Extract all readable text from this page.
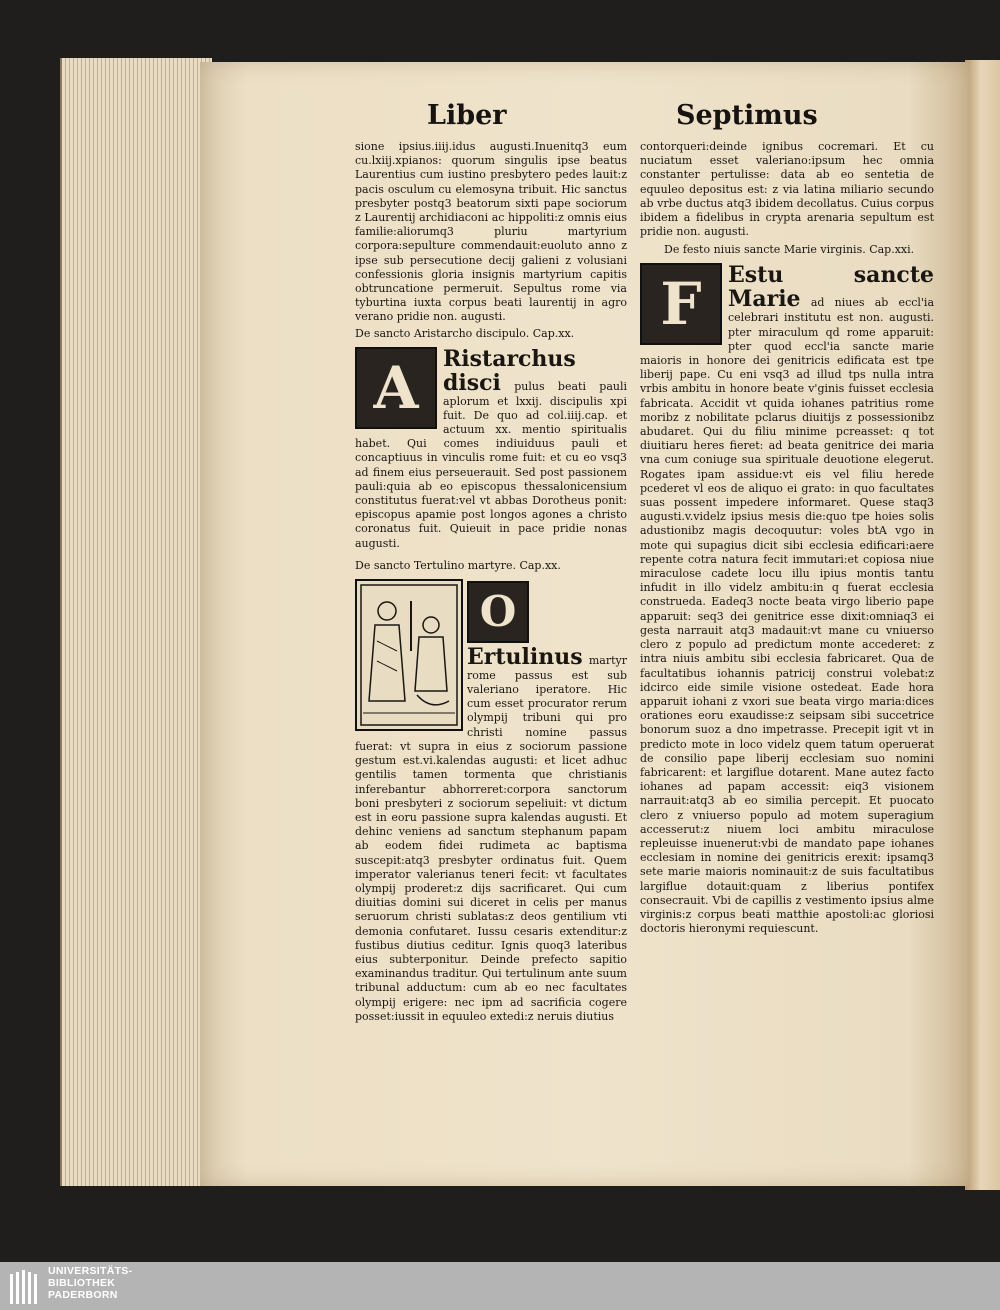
Liber	Septimus

sione ipsius.iiij.idus augusti.Inuenitq3 eum cu.lxiij.xpianos: quorum singulis ipse beatus Laurentius cum iustino presbytero pedes lauit:z pacis osculum cu elemosyna tribuit. Hic sanctus presbyter postq3 beatorum sixti pape sociorum z Laurentij archidiaconi ac hippoliti:z omnis eius familie:aliorumq3 pluriu martyrium corpora:sepulture commendauit:euoluto anno z ipse sub persecutione decij galieni z volusiani confessionis gloria insignis martyrium capitis obtruncatione permeruit. Sepultus rome via tyburtina iuxta corpus beati laurentij in agro verano pridie non. augusti.

De sancto Aristarcho discipulo. Cap.xx.

A	Ristarchus disci pulus beati pauli aplorum et lxxij. discipulis xpi fuit. De quo ad col.iiij.cap. et actuum xx. mentio spiritualis habet. Qui comes indiuiduus pauli et concaptiuus in vinculis rome fuit: et cu eo vsq3 ad finem eius perseuerauit. Sed post passionem pauli:quia ab eo episcopus thessalonicensium constitutus fuerat:vel vt abbas Dorotheus ponit: episcopus apamie post longos agones a christo coronatus fuit. Quieuit in pace pridie nonas augusti.

De sancto Tertulino martyre. Cap.xx.

O

Ertulinus martyr rome passus est sub valeriano iperatore. Hic cum esset procurator rerum olympij tribuni qui pro christi nomine passus fuerat: vt supra in eius z sociorum passione gestum est.vi.kalendas augusti: et licet adhuc gentilis tamen tormenta que christianis inferebantur abhorreret:corpora sanctorum boni presbyteri z sociorum sepeliuit: vt dictum est in eoru passione supra kalendas augusti. Et dehinc veniens ad sanctum stephanum papam ab eodem fidei rudimeta ac baptisma suscepit:atq3 presbyter ordinatus fuit. Quem imperator valerianus teneri fecit: vt facultates olympij proderet:z dijs sacrificaret. Qui cum diuitias domini sui diceret in celis per manus seruorum christi sublatas:z deos gentilium vti demonia confutaret. Iussu cesaris extenditur:z fustibus diutius ceditur. Ignis quoq3 lateribus eius subterponitur. Deinde prefecto sapitio examinandus traditur. Qui tertulinum ante suum tribunal adductum: cum ab eo nec facultates olympij erigere: nec ipm ad sacrificia cogere posset:iussit in equuleo extedi:z neruis diutius

contorqueri:deinde ignibus cocremari. Et cu nuciatum esset valeriano:ipsum hec omnia constanter pertulisse: data ab eo sentetia de equuleo depositus est: z via latina miliario secundo ab vrbe ductus atq3 ibidem decollatus. Cuius corpus ibidem a fidelibus in crypta arenaria sepultum est pridie non. augusti.

De festo niuis sancte Marie virginis. Cap.xxi.

F	Estu sancte Marie ad niues ab eccl'ia celebrari institutu est non. augusti. pter miraculum qd rome apparuit: pter quod eccl'ia sancte marie maioris in honore dei genitricis edificata est tpe liberij pape. Cu eni vsq3 ad illud tps nulla intra vrbis ambitu in honore beate v'ginis fuisset ecclesia fabricata. Accidit vt quida iohanes patritius rome moribz z nobilitate pclarus diuitijs z possessionibz abudaret. Qui du filiu minime pcreasset: q tot diuitiaru heres fieret: ad beata genitrice dei maria vna cum coniuge sua spirituale deuotione elegerut. Rogates ipam assidue:vt eis vel filiu herede pcederet vl eos de aliquo ei grato: in quo facultates suas possent impedere informaret. Quese staq3 augusti.v.videlz ipsius mesis die:quo tpe hoies solis adustionibz magis decoquutur: voles btA vgo in mote qui supagius dicit sibi ecclesia edificari:aere repente cotra natura fecit immutari:et copiosa niue miraculose cadete locu illu ipius montis tantu infudit in illo videlz ambitu:in q fuerat ecclesia construeda. Eadeq3 nocte beata virgo liberio pape apparuit: seq3 dei genitrice esse dixit:omniaq3 ei gesta narrauit atq3 madauit:vt mane cu vniuerso clero z populo ad predictum monte accederet: z intra niuis ambitu sibi ecclesia fabricaret. Qua de facultatibus iohannis patricij construi volebat:z idcirco eide simile visione ostedeat. Eade hora apparuit iohani z vxori sue beata virgo maria:dices orationes eoru exaudisse:z seipsam sibi succetrice bonorum suoz a dno impetrasse. Precepit igit vt in predicto mote in loco videlz quem tatum operuerat de consilio pape liberij ecclesiam suo nomini fabricarent: et largiflue dotarent. Mane autez facto iohanes ad papam accessit: eiq3 visionem narrauit:atq3 ab eo similia percepit. Et puocato clero z vniuerso populo ad motem superagium accesserut:z niuem loci ambitu miraculose repleuisse inuenerut:vbi de mandato pape iohanes ecclesiam in nomine dei genitricis erexit: ipsamq3 sete marie maioris nominauit:z de suis facultatibus largiflue dotauit:quam z liberius pontifex consecrauit. Vbi de capillis z vestimento ipsius alme virginis:z corpus beati matthie apostoli:ac gloriosi doctoris hieronymi requiescunt.

UNIVERSITÄTS-
BIBLIOTHEK
PADERBORN
